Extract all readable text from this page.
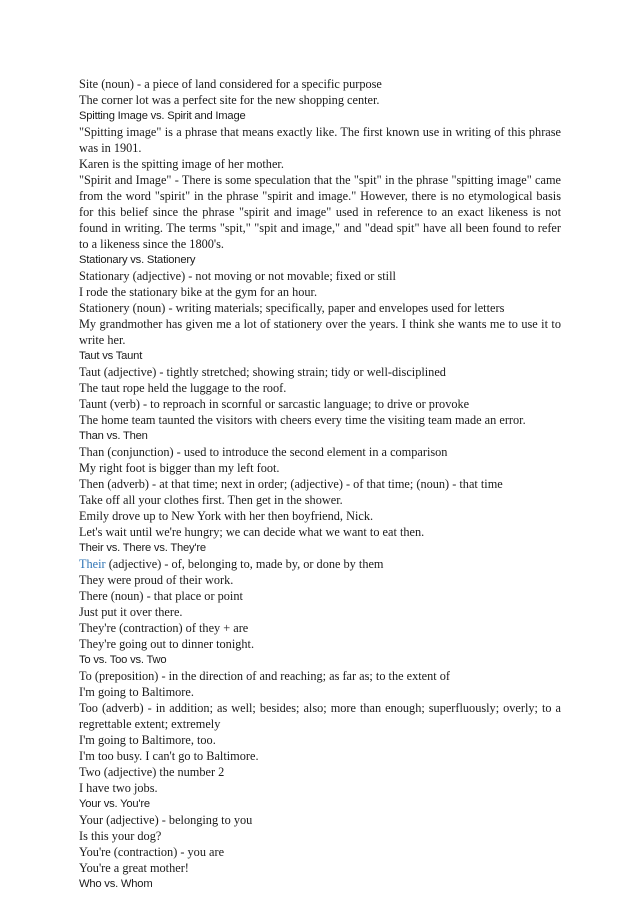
Site (noun) - a piece of land considered for a specific purpose
The corner lot was a perfect site for the new shopping center.
Spitting Image vs. Spirit and Image
"Spitting image" is a phrase that means exactly like. The first known use in writing of this phrase
was in 1901.
Karen is the spitting image of her mother.
"Spirit and Image" - There is some speculation that the "spit" in the phrase "spitting image" came
from the word "spirit" in the phrase "spirit and image." However, there is no etymological basis
for this belief since the phrase "spirit and image" used in reference to an exact likeness is not
found in writing. The terms "spit," "spit and image," and "dead spit" have all been found to refer
to a likeness since the 1800's.
Stationary vs. Stationery
Stationary (adjective) - not moving or not movable; fixed or still
I rode the stationary bike at the gym for an hour.
Stationery (noun) - writing materials; specifically, paper and envelopes used for letters
My grandmother has given me a lot of stationery over the years. I think she wants me to use it to
write her.
Taut vs Taunt
Taut (adjective) - tightly stretched; showing strain; tidy or well-disciplined
The taut rope held the luggage to the roof.
Taunt (verb) - to reproach in scornful or sarcastic language; to drive or provoke
The home team taunted the visitors with cheers every time the visiting team made an error.
Than vs. Then
Than (conjunction) - used to introduce the second element in a comparison
My right foot is bigger than my left foot.
Then (adverb) - at that time; next in order; (adjective) - of that time; (noun) - that time
Take off all your clothes first. Then get in the shower.
Emily drove up to New York with her then boyfriend, Nick.
Let's wait until we're hungry; we can decide what we want to eat then.
Their vs. There vs. They're
Their (adjective) - of, belonging to, made by, or done by them
They were proud of their work.
There (noun) - that place or point
Just put it over there.
They're (contraction) of they + are
They're going out to dinner tonight.
To vs. Too vs. Two
To (preposition) - in the direction of and reaching; as far as; to the extent of
I'm going to Baltimore.
Too (adverb) - in addition; as well; besides; also; more than enough; superfluously; overly; to a
regrettable extent; extremely
I'm going to Baltimore, too.
I'm too busy. I can't go to Baltimore.
Two (adjective) the number 2
I have two jobs.
Your vs. You're
Your (adjective) - belonging to you
Is this your dog?
You're (contraction) - you are
You're a great mother!
Who vs. Whom
